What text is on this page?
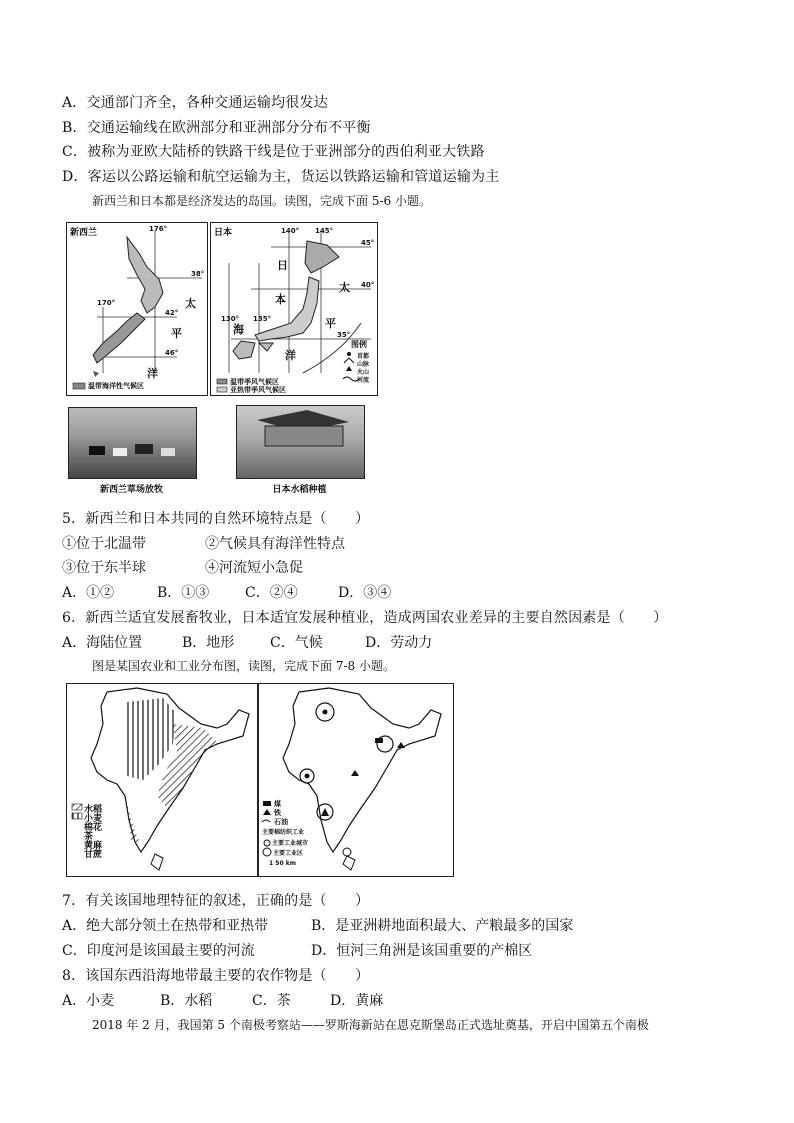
A．交通部门齐全，各种交通运输均很发达
B．交通运输线在欧洲部分和亚洲部分分布不平衡
C．被称为亚欧大陆桥的铁路干线是位于亚洲部分的西伯利亚大铁路
D．客运以公路运输和航空运输为主，货运以铁路运输和管道运输为主
新西兰和日本都是经济发达的岛国。读图，完成下面 5-6 小题。
新西兰	176°
170°
38°
42°
46°
太
平
洋
温带海洋性气候区
日本	140° 145°
130° 135°
45°
40°
35°
日
本
海
太
平
洋
温带季风气候区
亚热带季风气候区
图例
首都
山脉
火山
河流
新西兰草场放牧	日本水稻种植
5．新西兰和日本共同的自然环境特点是（　　）
①位于北温带	②气候具有海洋性特点
③位于东半球	④河流短小急促
A．①②	B．①③	C．②④	D．③④
6．新西兰适宜发展畜牧业，日本适宜发展种植业，造成两国农业差异的主要自然因素是（　　）
A．海陆位置	B．地形	C．气候	D．劳动力
图是某国农业和工业分布图，读图，完成下面 7-8 小题。
水稻
小麦
棉花
茶
黄麻
甘蔗
煤
铁
石油
主要棉纺织工业
主要工业城市
主要工业区
1 50 km
7．有关该国地理特征的叙述，正确的是（　　）
A．绝大部分领土在热带和亚热带	B．是亚洲耕地面积最大、产粮最多的国家
C．印度河是该国最主要的河流	D．恒河三角洲是该国重要的产棉区
8．该国东西沿海地带最主要的农作物是（　　）
A．小麦	B．水稻	C．茶	D．黄麻
2018 年 2 月，我国第 5 个南极考察站——罗斯海新站在恩克斯堡岛正式选址奠基，开启中国第五个南极
